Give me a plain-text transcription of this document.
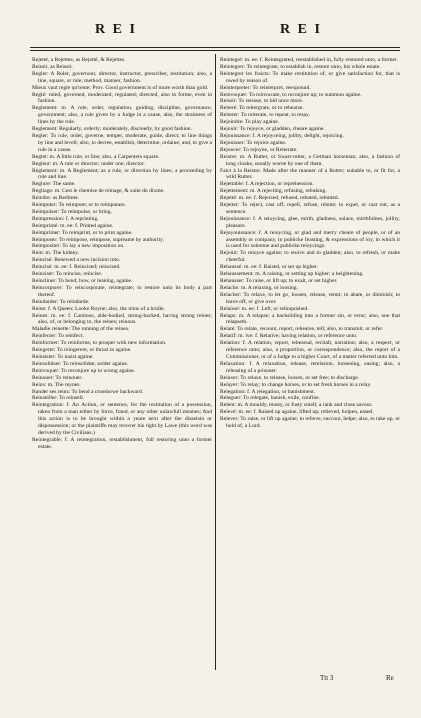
R E I	R E I

Rejetté, a Rejettee, as Rejetté, & Rejettes.

Reissir, as Reissir.

Regler: A Ruler, governour, director, instructor, prescriber, institution; also, a line, square, or rule; method, manner, fashion.

Mieux vaut regle qu'rente; Prov. Good government is of more worth than gold.

Reglé: ruled, governed, moderated, regulated; directed, also in forme, even in fashion.

Reglement: m. A rule, order, regulation, guiding, discipline, governance, government; also, a rule given by a Judge in a cause, also, the straitness of lines by the rule.

Reglement: Regularly, orderly; moderately, discreetly, by good fashion.

Regler: To rule, order, governe, temper, moderate, guide, direct; to line things by line and levell; also, to decree, establish, determine, ordaine; and, to give a rule in a cause.

Reglet: m. A little rule, or line; also, a Carpenters square.

Regleur: m. A rule or director; under one; director.

Reglement: m. A Reglement; as a rule, or direction by lines; a proceeding by rule and line.

Reglure: The same.

Regliage: m. Cest le chemise de reinage, & suite du dixme.

Reindre: as Redimer.

Reimputer: To reimpute; or to reimputare.

Reimpulser: To reimpulse, or bring.

Reimpression: f. A reprinting.

Reimprimé: m. ee: f. Printed againe.

Reimprimer: To reimprint, or to print againe.

Reimposer: To reimpose, reimpose, supreame by authority.

Reimpositer: To lay a new imposition on.

Rein: m. The kidney.

Reincisé: Renewed a new incision into.

Reincisé: m. ee: f. Reincised; reincised.

Reinciser: To reincise, reincise.

Reincliner: To bend, bow, or leaning, againe.

Reincorporer: To reincorporate, reintegrate; to restore unto its body a part thereof.

Reindarder: To reindarde.

Reine: f. A Queen; Looke Royne; also, the reins of a bridle.

Reines: m. ee: f. Cautious, able-bodied, strong-backed, having strong reines; also, of, or belonging to, the reines; reinous.

Maladie reinette: The running of the reines.

Reinfecter: To reinfect.

Reinformer: To reinforme, to prosper with new information.

Reingerer: To reingerere, or thrust in againe.

Reinsister: To insist againe.

Reinsolidser: To reinsolidse; solder againe.

Reinvoquer: To reconjure up in wrong againe.

Reinouer: To reinouer.

Reins: m. The reynes.

Bander ses reins: To bend a crossbowe backward.

Reinseiller: To reinsell.

Reintegration: f. An Action, or sentence, for the restitution of a possession, taken from a man either by force, fraud, or any other unlawfull meanes; And this action is to be brought within a yeare next after the disseisin or dispossession; or the plaintiffe may recover his right by Lawe (this word was derived by the Civilians.)

Reintegrable: f. A reintegration, restablishment, full restoring unto a former estate.

Reintegré: m. ee: f. Reintegrated, reestablished in, fully restored unto, a former.

Reintegrer: To reintegrate, to establish in, restore unto, his whole estate.

Reintegrer les fraicts: To make restitution of, or give satisfaction for, that is owed by reason of.

Reinterpreter: To reinterpret, reexpound.

Reinvoquer: To reinvocate, to reconjure up; to summon againe.

Reissir: To reissue, to bid once more.

Reiteré: To reitergrate, or to rehearse.

Reiterer: To reiterate, to repeat, to resay.

Rejoindre: To play againe.

Rejouir: To rejoyce, or gladden, cheare againe.

Rejouissance: f. A rejoyceing, jollity, delight, rejoicing.

Rejouisser: To rejoice againe.

Rejoncer: To rejoyne, or Reiterate.

Reistre: m. A Rutter, or Swart-rutter, a German horseman; also, a fashion of long cloake, usually worne by one of them.

Faict à la Reistre. Made after the manner of a Rutter; suitable to, or fit for, a wild Rutter.

Rejettable: f. A rejection, or reprehension.

Rejettement: m. A rejecting, refusing, rebuking.

Rejetté: m. ee: f. Rejected, refused, rebated, rebutted.

Rejetter: To reject, cast off, repell, refuse, rebute; to expel, or cast out, as a sentence.

Rejouissance: f. A reioycing, glee, mirth, gladness, solace, mirthfulnes, jollity, pleasure.

Rejoyouissance: f. A reioycing, or glad and merry cheare of people, or of an assembly or company, in publicke feasting, & expressions of ioy, in which it is used for solemne and publicke reioycings.

Rejoüir: To reioyce againe; to reuive and to gladden; also, to refresh, or make cheerful.

Rehaussé: m. ee: f. Raised, or set up higher.

Rehaussement: m. A raising, or setting up higher; a heightening.

Rehausser: To raise, or lift up; to exalt, or set higher.

Relache: m. A relaxing, or loosing.

Relacher: To relaxe, to let go, loosen, release, remit; to abate, or diminish; to leave off, or give over.

Relaissé: m. ee: f. Left, or relinquished.

Relaps: m. A relapse; a backsliding into a former sin, or error; also, one that relapseth.

Relaté: To relate, recount, report, rehearse, tell; also, to transmit, or refer.

Relatif: m. ive: f. Relative; having relation, or reference unto.

Relation: f. A relation, report, rehearsal, recitall, narration; also, a respect, or reference unto; also, a proportion, or correspondence; also, the report of a Commissioner, or of a Judge to a higher Court, of a matter referred unto him.

Relaxation: f. A relaxation, release, remission, loosening, easing; also, a releasing of a prisoner.

Relaxer: To relaxe, to release, loosen, or set free; to discharge.

Relayer: To relay; to change horses, or to set fresh horses in a relay.

Relegation: f. A relegation, or banishment.

Releguer: To relegate, banish, exile, confine.

Relent: m. A mouldy, musty, or fusty smell; a rank and close savour.

Relevé: m. ee: f. Raised up againe, lifted up; relieved, holpen, eased.

Relever: To raise, or lift up againe; to relieve, succour, helpe; also, to take up, or hold of, a Lord.

Ttt 3	Re
